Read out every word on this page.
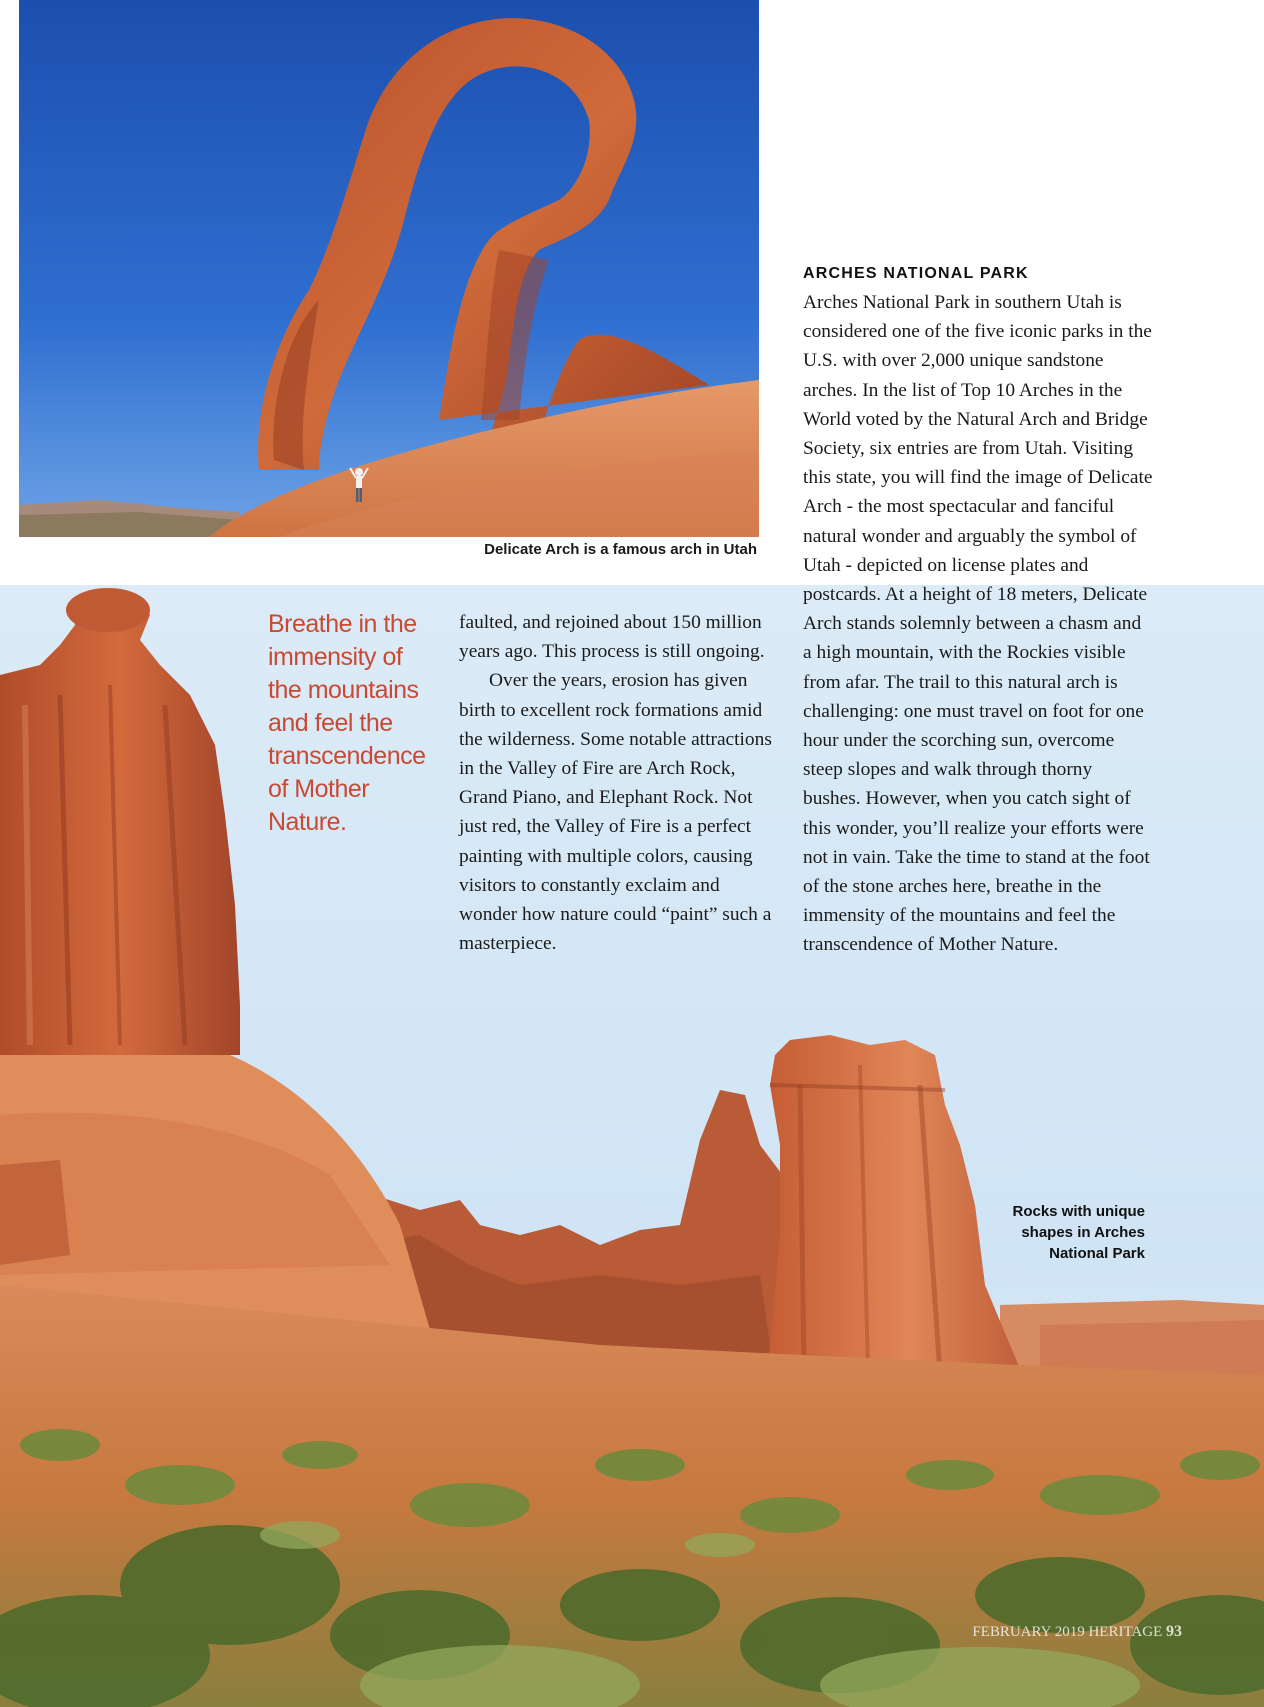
Delicate Arch is a famous arch in Utah

Breathe in the immensity of the mountains and feel the transcendence of Mother Nature.

faulted, and rejoined about 150 million years ago. This process is still ongoing.

Over the years, erosion has given birth to excellent rock formations amid the wilderness. Some notable attractions in the Valley of Fire are Arch Rock, Grand Piano, and Elephant Rock. Not just red, the Valley of Fire is a perfect painting with multiple colors, causing visitors to constantly exclaim and wonder how nature could “paint” such a masterpiece.

ARCHES NATIONAL PARK

Arches National Park in southern Utah is considered one of the five iconic parks in the U.S. with over 2,000 unique sandstone arches. In the list of Top 10 Arches in the World voted by the Natural Arch and Bridge Society, six entries are from Utah. Visiting this state, you will find the image of Delicate Arch - the most spectacular and fanciful natural wonder and arguably the symbol of Utah - depicted on license plates and postcards. At a height of 18 meters, Delicate Arch stands solemnly between a chasm and a high mountain, with the Rockies visible from afar. The trail to this natural arch is challenging: one must travel on foot for one hour under the scorching sun, overcome steep slopes and walk through thorny bushes. However, when you catch sight of this wonder, you’ll realize your efforts were not in vain. Take the time to stand at the foot of the stone arches here, breathe in the immensity of the mountains and feel the transcendence of Mother Nature.

Rocks with unique shapes in Arches National Park

FEBRUARY 2019 HERITAGE 93
